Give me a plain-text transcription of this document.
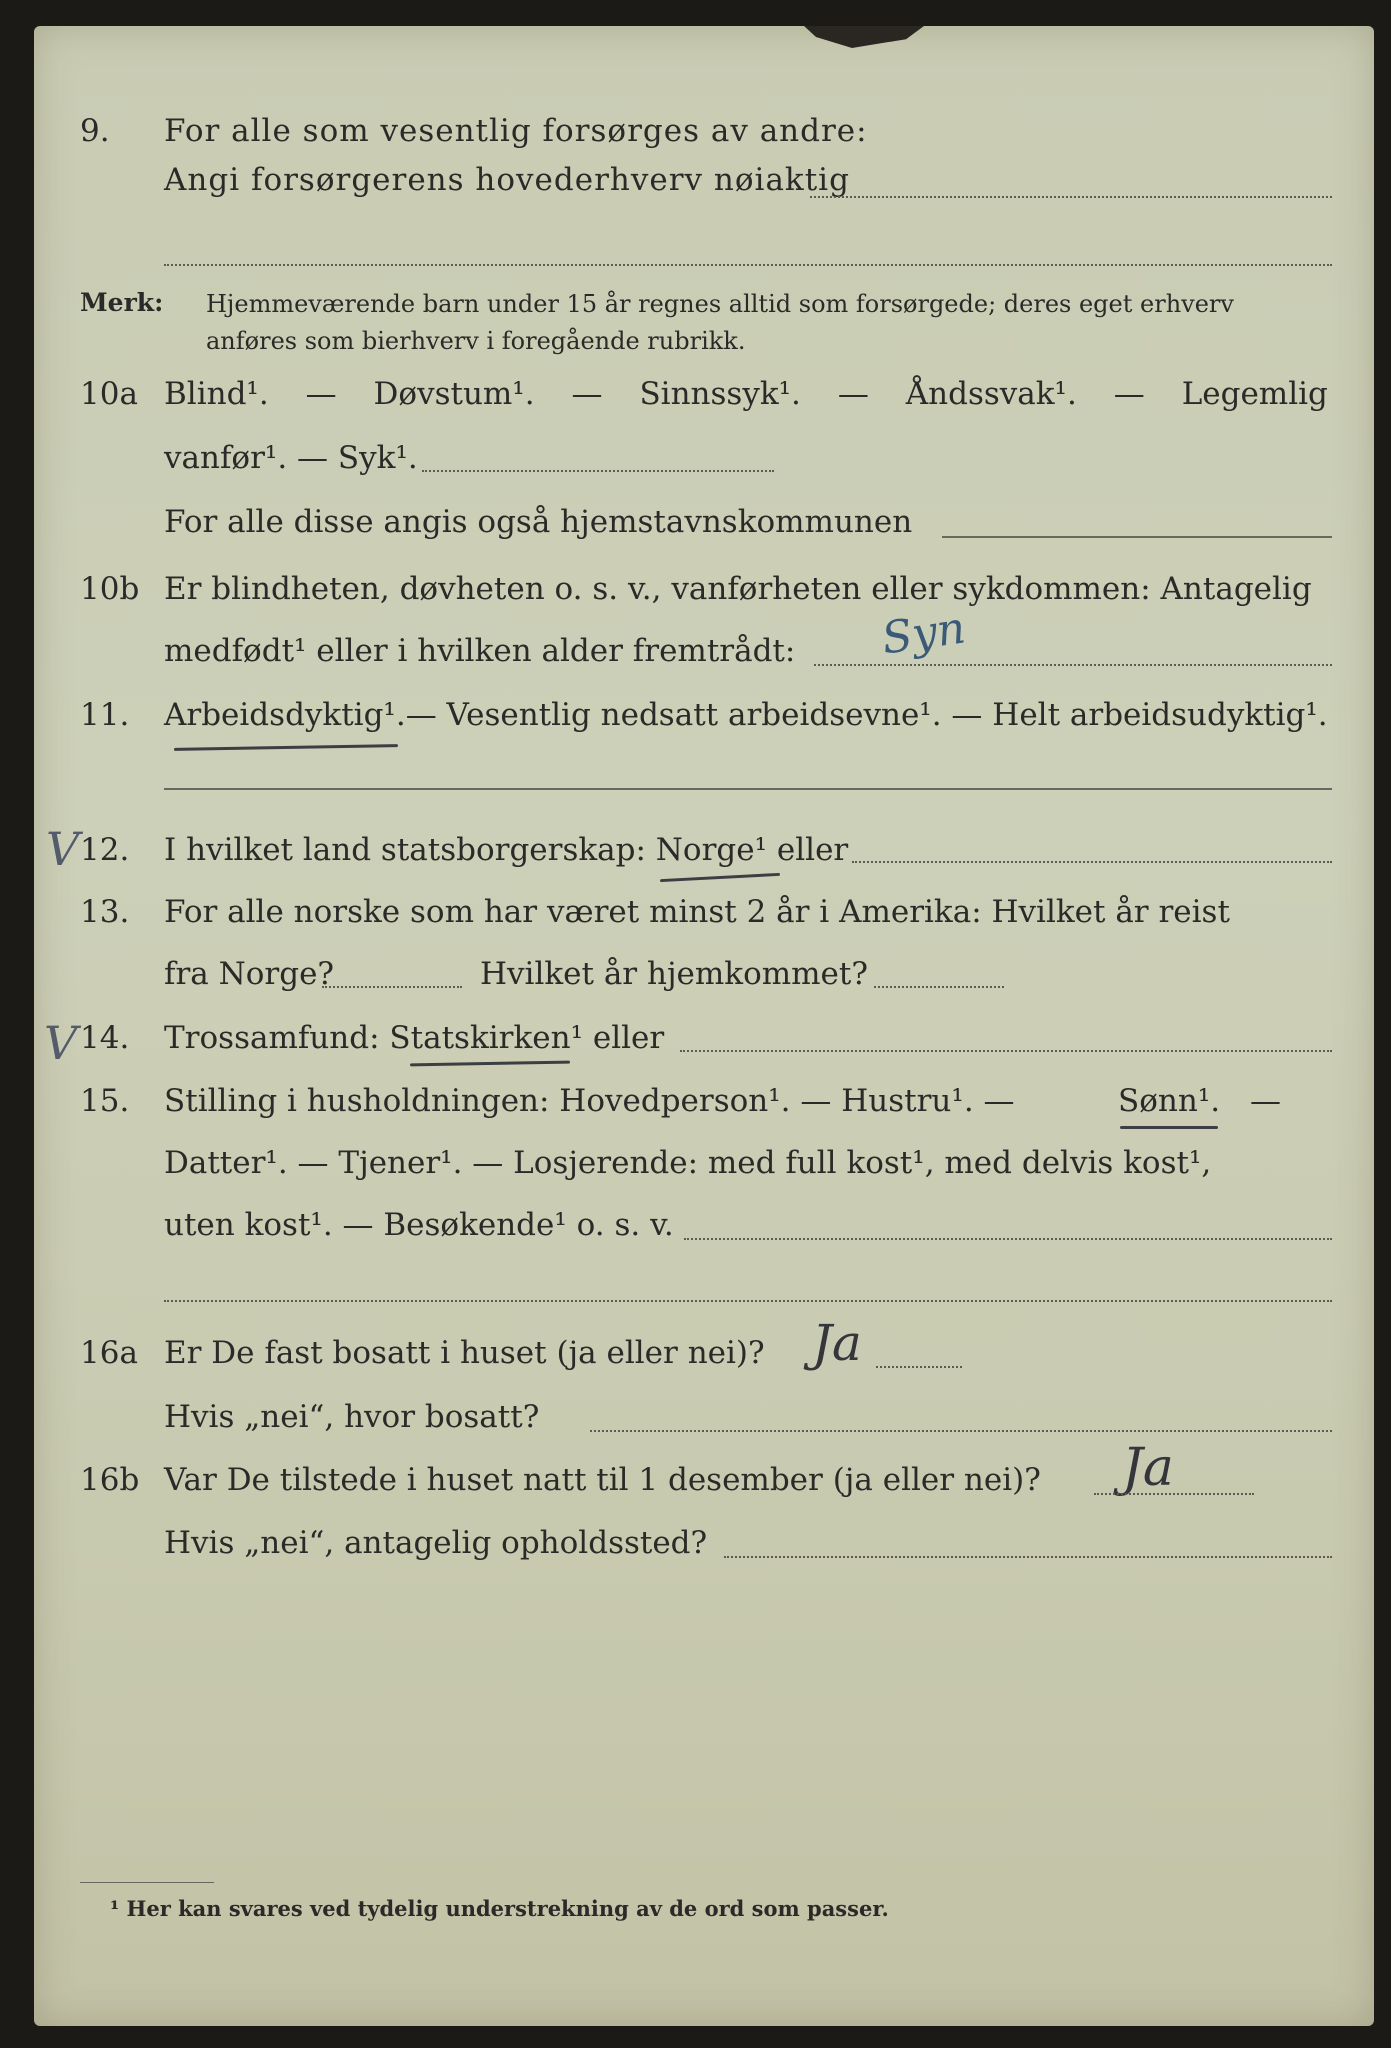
9. For alle som vesentlig forsørges av andre:
Angi forsørgerens hovederhverv nøiaktig
Merk: Hjemmeværende barn under 15 år regnes alltid som forsørgede; deres eget erhverv anføres som bierhverv i foregående rubrikk.
10a Blind¹. — Døvstum¹. — Sinnssyk¹. — Åndssvak¹. — Legemlig
vanfør¹. — Syk¹.
For alle disse angis også hjemstavnskommunen
10b Er blindheten, døvheten o. s. v., vanførheten eller sykdommen: Antagelig
medfødt¹ eller i hvilken alder fremtrådt: Syn
11. Arbeidsdyktig¹.— Vesentlig nedsatt arbeidsevne¹. — Helt arbeidsudyktig¹.
V 12. I hvilket land statsborgerskap: Norge¹ eller
13. For alle norske som har været minst 2 år i Amerika: Hvilket år reist
fra Norge?	Hvilket år hjemkommet?
V 14. Trossamfund: Statskirken¹ eller
15. Stilling i husholdningen: Hovedperson¹. — Hustru¹. —	Sønn¹. —
Datter¹. — Tjener¹. — Losjerende: med full kost¹, med delvis kost¹,
uten kost¹. — Besøkende¹ o. s. v.
16a Er De fast bosatt i huset (ja eller nei)? Ja
Hvis „nei“, hvor bosatt?
16b Var De tilstede i huset natt til 1 desember (ja eller nei)? Ja
Hvis „nei“, antagelig opholdssted?
¹ Her kan svares ved tydelig understrekning av de ord som passer.
